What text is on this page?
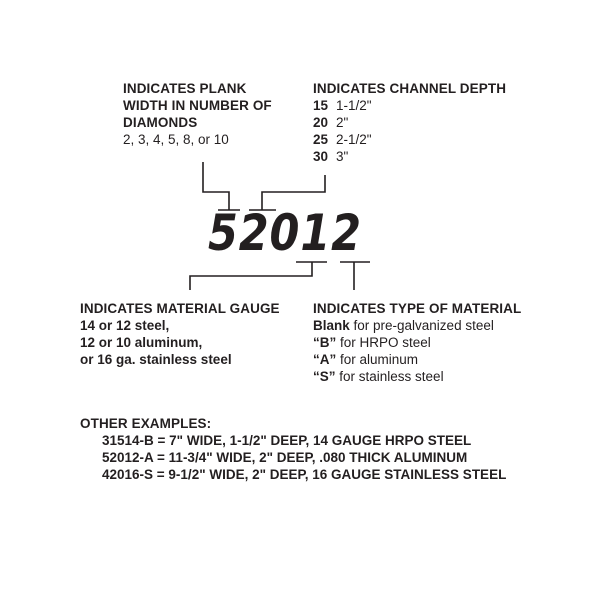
INDICATES PLANK
WIDTH IN NUMBER OF
DIAMONDS
2, 3, 4, 5, 8, or 10
INDICATES CHANNEL DEPTH
15 1-1/2"
20 2"
25 2-1/2"
30 3"
52012
INDICATES MATERIAL GAUGE
14 or 12 steel,
12 or 10 aluminum,
or 16 ga. stainless steel
INDICATES TYPE OF MATERIAL
Blank for pre-galvanized steel
“B” for HRPO steel
“A” for aluminum
“S” for stainless steel
OTHER EXAMPLES:
31514-B = 7" WIDE, 1-1/2" DEEP, 14 GAUGE HRPO STEEL
52012-A = 11-3/4" WIDE, 2" DEEP, .080 THICK ALUMINUM
42016-S = 9-1/2" WIDE, 2" DEEP, 16 GAUGE STAINLESS STEEL
